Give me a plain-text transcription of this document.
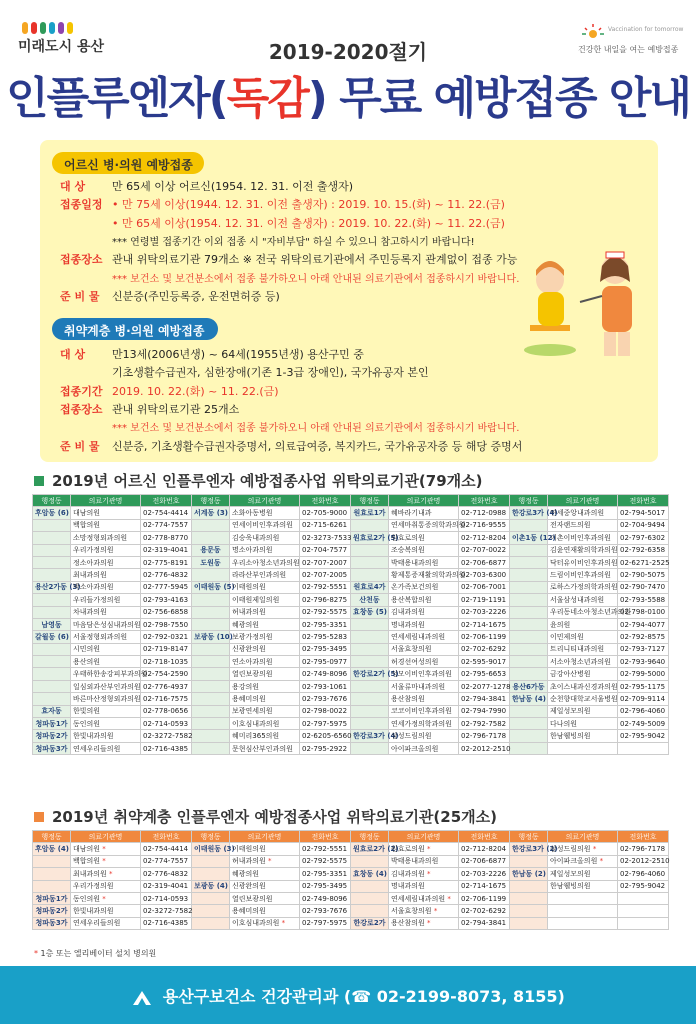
미래도시 용산
Vaccination for tomorrow
건강한 내일을 여는 예방접종
2019-2020절기
인플루엔자(독감) 무료 예방접종 안내
어르신 병·의원 예방접종
대 상 만 65세 이상 어르신(1954. 12. 31. 이전 출생자)
접종일정 • 만 75세 이상(1944. 12. 31. 이전 출생자) : 2019. 10. 15.(화) ~ 11. 22.(금)
• 만 65세 이상(1954. 12. 31. 이전 출생자) : 2019. 10. 22.(화) ~ 11. 22.(금)
*** 연령별 접종기간 이외 접종 시 "자비부담" 하실 수 있으니 참고하시기 바랍니다!
접종장소 관내 위탁의료기관 79개소 ※ 전국 위탁의료기관에서 주민등록지 관계없이 접종 가능
*** 보건소 및 보건분소에서 접종 불가하오니 아래 안내된 의료기관에서 접종하시기 바랍니다.
준 비 물 신분증(주민등록증, 운전면허증 등)
취약계층 병·의원 예방접종
대 상 만13세(2006년생) ~ 64세(1955년생) 용산구민 중
기초생활수급권자, 심한장애(기존 1-3급 장애인), 국가유공자 본인
접종기간 2019. 10. 22.(화) ~ 11. 22.(금)
접종장소 관내 위탁의료기관 25개소
*** 보건소 및 보건분소에서 접종 불가하오니 아래 안내된 의료기관에서 접종하시기 바랍니다.
준 비 물 신분증, 기초생활수급권자증명서, 의료급여증, 복지카드, 국가유공자증 등 해당 증명서
2019년 어르신 인플루엔자 예방접종사업 위탁의료기관(79개소)
행정동	의료기관명	전화번호	행정동	의료기관명	전화번호	행정동	의료기관명	전화번호	행정동	의료기관명	전화번호
후암동 (6)	대남의원	02-754-4414	서계동 (3)	소화아동병원	02-705-9000	원효로1가	혜바라기내과	02-712-0988	한강로3가 (4)	연세중앙내과의원	02-794-5017
	백합의원	02-774-7557		연세이비인후과의원	02-715-6261		연세마취통증의학과의원	02-716-9555		전자랜드의원	02-704-9494
	소망정형외과의원	02-778-8770		김승욱내과의원	02-3273-7533	원효로2가 (5)	원효로의원	02-712-8204	이촌1동 (12)	이촌이비인후과의원	02-797-6302
	우리가정의원	02-319-4041	용문동	명소아과의원	02-704-7577		조승복의원	02-707-0022		김윤연재활의학과의원	02-792-6358
	정소아과의원	02-775-8191	도원동	우리소아청소년과의원	02-707-2007		박태용내과의원	02-706-6877		닥터유이비인후과의원	02-6271-2525
	최내과의원	02-776-4832		라라산부인과의원	02-707-2005		황제통증재활의학과의원	02-703-6300		드림이비인후과의원	02-790-5075
용산2가동 (3)	박소아과의원	02-777-5945	이태원동 (5)	이태원의원	02-792-5551	원효로4가	온가족보건의원	02-706-7001		로하스가정의학과의원	02-790-7470
	우리들가정의원	02-793-4163		이태원제일의원	02-796-8275	산천동	용산복합의원	02-719-1191		서울삼성내과의원	02-793-5588
	차내과의원	02-756-6858		허내과의원	02-792-5575	효창동 (5)	김내과의원	02-703-2226		우리동네소아청소년과의원	02-798-0100
남영동	마음담은성심내과의원	02-798-7550		혜광의원	02-795-3351		명내과의원	02-714-1675		윤의원	02-794-4077
갈월동 (6)	서울정형외과의원	02-792-0321	보광동 (10)	보광가정의원	02-795-5283		연세세림내과의원	02-706-1199		이민제의원	02-792-8575
	시민의원	02-719-8147		신광완의원	02-795-3495		서울효창의원	02-702-6292		트리니티내과의원	02-793-7127
	용산의원	02-718-1035		연소아과의원	02-795-0977		허경선여성의원	02-595-9017		서소아청소년과의원	02-793-9640
	우태하한송강피부과의원	02-754-2590		열린보광의원	02-749-8096	한강로2가 (5)	성모이비인후과의원	02-795-6653		금강아산병원	02-799-5000
	일심외과산부인과의원	02-776-4937		용강의원	02-793-1061		서울류마내과의원	02-2077-1278	용산6가동	초이스내과신경과의원	02-795-1175
	바른마산정형외과의원	02-716-7575		용혜미의원	02-793-7676		용산참의원	02-794-3841	한남동 (4)	순천향대학교서울병원	02-709-9114
효자동	한빛의원	02-778-0656		보광연세의원	02-798-0022		코코이비인후과의원	02-794-7990		제일성모의원	02-796-4060
청파동1가	동인의원	02-714-0593		이호심내과의원	02-797-5975		연세가정의학과의원	02-792-7582		다나의원	02-749-5009
청파동2가	한빛내과의원	02-3272-7582		혜미리365의원	02-6205-6560	한강로3가 (4)	삼성드림의원	02-796-7178		한남웰빙의원	02-795-9042
청파동3가	연세우리들의원	02-716-4385		문현심산부인과의원	02-795-2922		아이파크올의원	02-2012-2510			
2019년 취약계층 인플루엔자 예방접종사업 위탁의료기관(25개소)
행정동	의료기관명	전화번호	행정동	의료기관명	전화번호	행정동	의료기관명	전화번호	행정동	의료기관명	전화번호
후암동 (4)	대남의원 *	02-754-4414	이태원동 (3)	이태원의원	02-792-5551	원효로2가 (2)	원효로의원 *	02-712-8204	한강로3가 (2)	삼성드림의원 *	02-796-7178
	백합의원 *	02-774-7557		허내과의원 *	02-792-5575		박태용내과의원	02-706-6877		아이파크올의원 *	02-2012-2510
	최내과의원 *	02-776-4832		혜광의원	02-795-3351	효창동 (4)	김내과의원 *	02-703-2226	한남동 (2)	제일성모의원	02-796-4060
	우리가정의원	02-319-4041	보광동 (4)	신광완의원	02-795-3495		명내과의원	02-714-1675		한남웰빙의원	02-795-9042
청파동1가	동인의원 *	02-714-0593		열린보광의원	02-749-8096		연세세림내과의원 *	02-706-1199			
청파동2가	한빛내과의원	02-3272-7582		용혜미의원	02-793-7676		서울효창의원 *	02-702-6292			
청파동3가	연세우리들의원	02-716-4385		이호심내과의원 *	02-797-5975	한강로2가	용산참의원 *	02-794-3841			
* 1층 또는 엘리베이터 설치 병의원
용산구보건소 건강관리과 (☎ 02-2199-8073, 8155)
